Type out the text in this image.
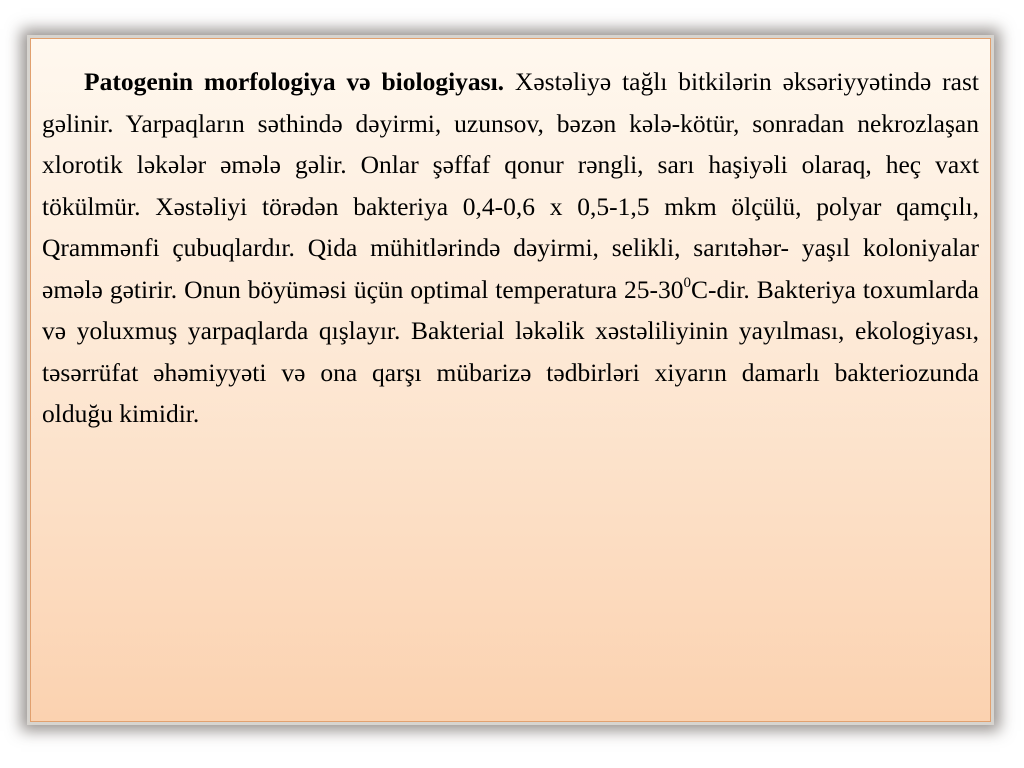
Patogenin morfologiya və biologiyası. Xəstəliyə tağlı bitkilərin əksəriyyətində rast gəlinir. Yarpaqların səthində dəyirmi, uzunsov, bəzən kələ-kötür, sonradan nekrozlaşan xlorotik ləkələr əmələ gəlir. Onlar şəffaf qonur rəngli, sarı haşiyəli olaraq, heç vaxt tökülmür. Xəstəliyi törədən bakteriya 0,4-0,6 x 0,5-1,5 mkm ölçülü, polyar qamçılı, Qrammənfi çubuqlardır. Qida mühitlərində dəyirmi, selikli, sarıtəhər- yaşıl koloniyalar əmələ gətirir. Onun böyüməsi üçün optimal temperatura $25-30^0C$-dir. Bakteriya toxumlarda və yoluxmuş yarpaqlarda qışlayır. Bakterial ləkəlik xəstəliliyinin yayılması, ekologiyası, təsərrüfat əhəmiyyəti və ona qarşı mübarizə tədbirləri xiyarın damarlı bakteriozunda olduğu kimidir.
